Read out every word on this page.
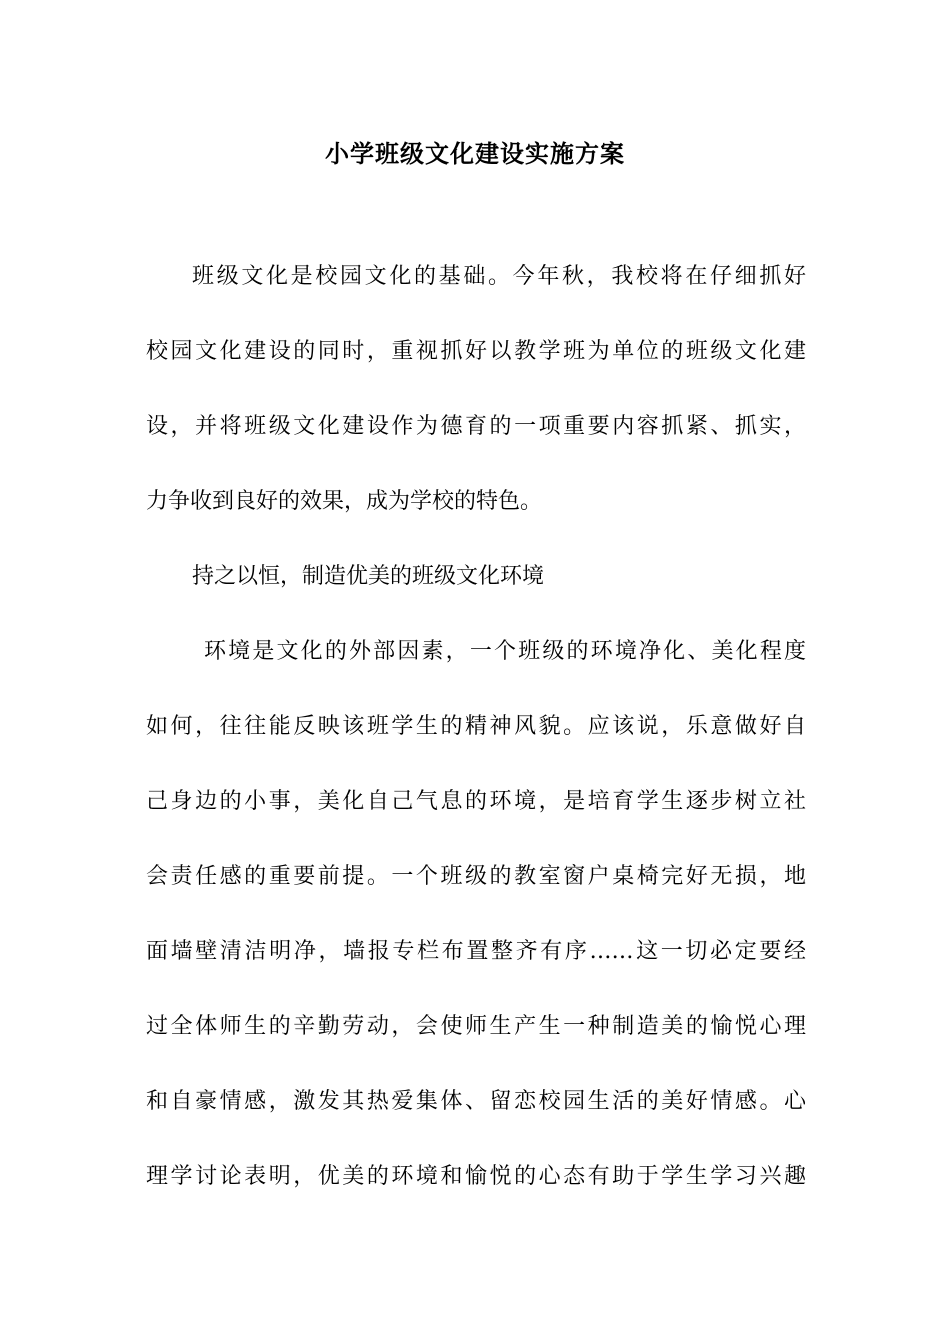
小学班级文化建设实施方案

班级文化是校园文化的基础。今年秋，我校将在仔细抓好

校园文化建设的同时，重视抓好以教学班为单位的班级文化建

设，并将班级文化建设作为德育的一项重要内容抓紧、抓实，

力争收到良好的效果，成为学校的特色。

持之以恒，制造优美的班级文化环境

环境是文化的外部因素，一个班级的环境净化、美化程度

如何，往往能反映该班学生的精神风貌。应该说，乐意做好自

己身边的小事，美化自己气息的环境，是培育学生逐步树立社

会责任感的重要前提。一个班级的教室窗户桌椅完好无损，地

面墙壁清洁明净，墙报专栏布置整齐有序……这一切必定要经

过全体师生的辛勤劳动，会使师生产生一种制造美的愉悦心理

和自豪情感，激发其热爱集体、留恋校园生活的美好情感。心

理学讨论表明，优美的环境和愉悦的心态有助于学生学习兴趣
